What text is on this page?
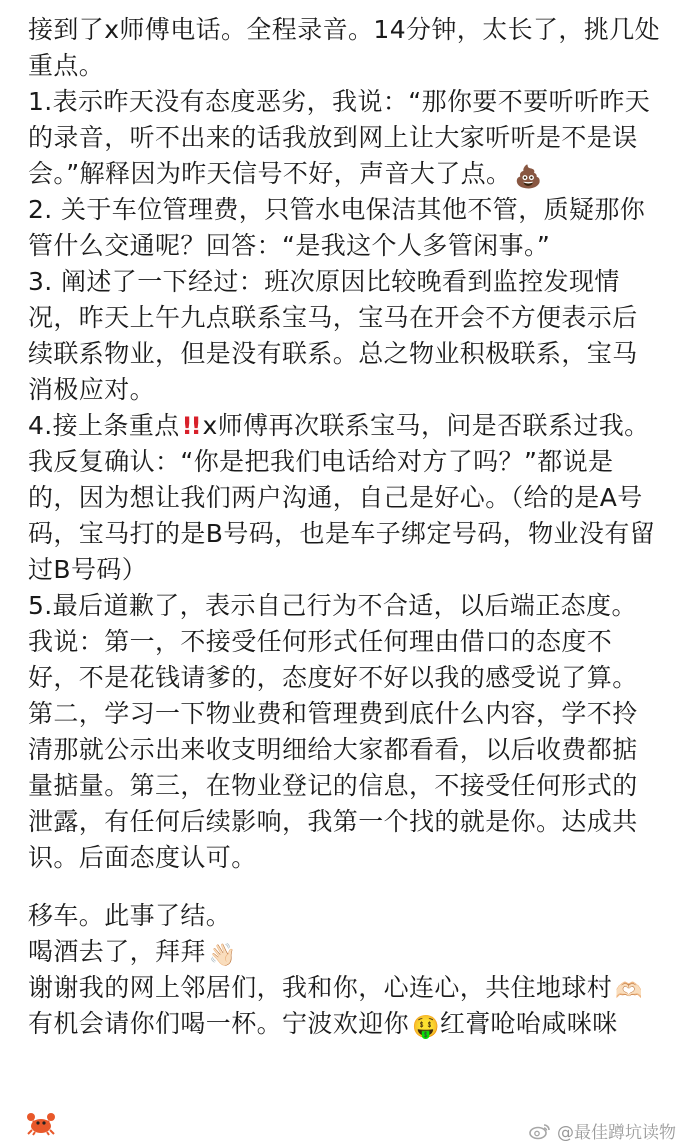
接到了x师傅电话。全程录音。14分钟，太长了，挑几处重点。

1.表示昨天没有态度恶劣，我说：“那你要不要听听昨天的录音，听不出来的话我放到网上让大家听听是不是误会。”解释因为昨天信号不好，声音大了点。 💩

2. 关于车位管理费，只管水电保洁其他不管，质疑那你管什么交通呢？回答：“是我这个人多管闲事。”

3. 阐述了一下经过：班次原因比较晚看到监控发现情况，昨天上午九点联系宝马，宝马在开会不方便表示后续联系物业，但是没有联系。总之物业积极联系，宝马消极应对。

4.接上条重点!! x师傅再次联系宝马，问是否联系过我。我反复确认：“你是把我们电话给对方了吗？”都说是的，因为想让我们两户沟通，自己是好心。（给的是A号码，宝马打的是B号码，也是车子绑定号码，物业没有留过B号码）

5.最后道歉了，表示自己行为不合适，以后端正态度。

我说：第一，不接受任何形式任何理由借口的态度不好，不是花钱请爹的，态度好不好以我的感受说了算。第二，学习一下物业费和管理费到底什么内容，学不拎清那就公示出来收支明细给大家都看看，以后收费都掂量掂量。第三，在物业登记的信息，不接受任何形式的泄露，有任何后续影响，我第一个找的就是你。达成共识。后面态度认可。

移车。此事了结。

喝酒去了，拜拜 👋🏻

谢谢我的网上邻居们，我和你，心连心，共住地球村 🫶🏻

有机会请你们喝一杯。宁波欢迎你 🤑红膏呛咍咸咪咪

@最佳蹲坑读物
